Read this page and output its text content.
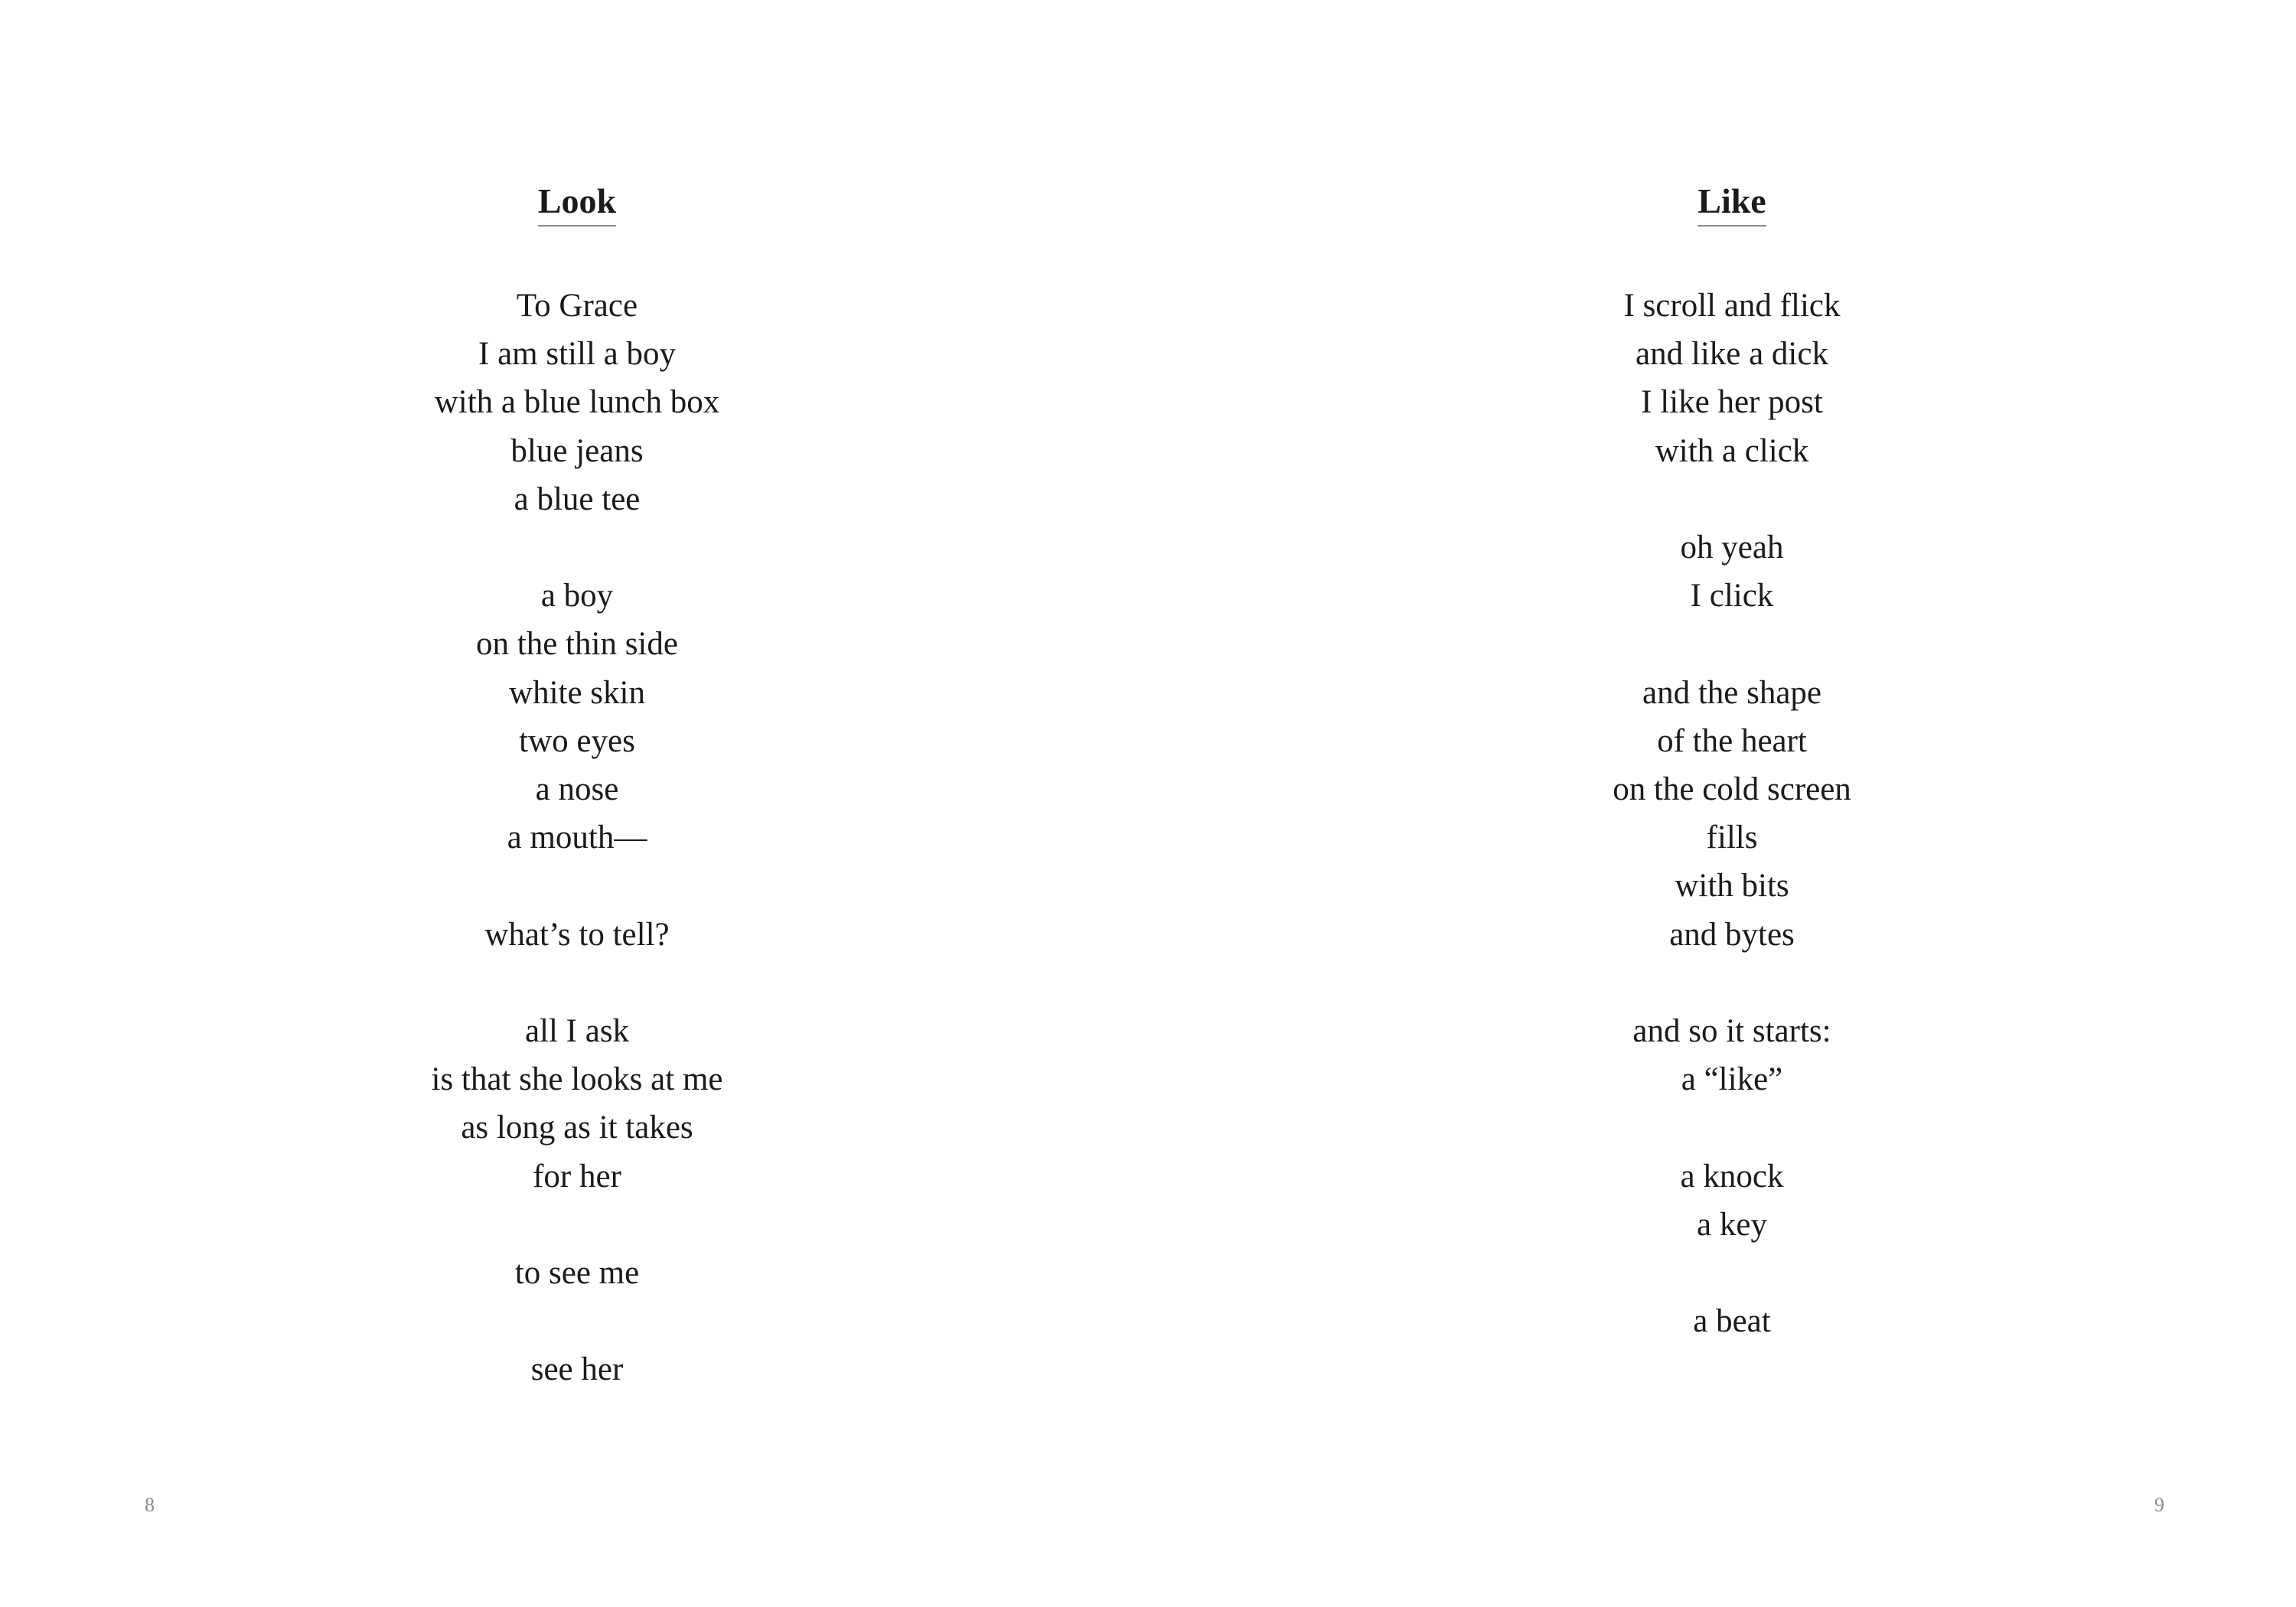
Look
To Grace
I am still a boy
with a blue lunch box
blue jeans
a blue tee
a boy
on the thin side
white skin
two eyes
a nose
a mouth—
what’s to tell?
all I ask
is that she looks at me
as long as it takes
for her
to see me
see her
8
Like
I scroll and flick
and like a dick
I like her post
with a click
oh yeah
I click
and the shape
of the heart
on the cold screen
fills
with bits
and bytes
and so it starts:
a “like”
a knock
a key
a beat
9
